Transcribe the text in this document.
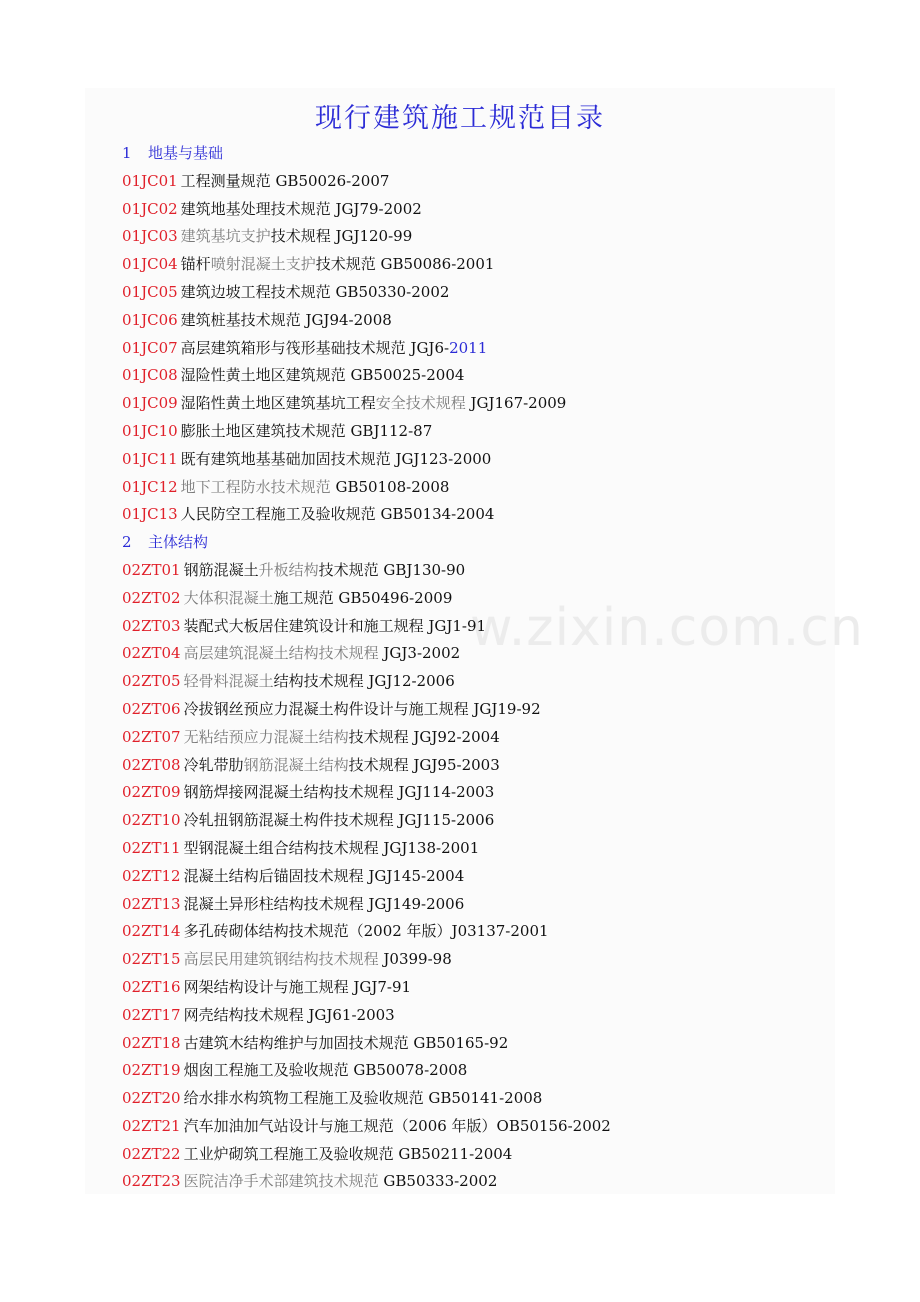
w.zixin.com.cn
现行建筑施工规范目录
1 地基与基础
01JC01 工程测量规范 GB50026-2007
01JC02 建筑地基处理技术规范 JGJ79-2002
01JC03 建筑基坑支护技术规程 JGJ120-99
01JC04 锚杆喷射混凝土支护技术规范 GB50086-2001
01JC05 建筑边坡工程技术规范 GB50330-2002
01JC06 建筑桩基技术规范 JGJ94-2008
01JC07 高层建筑箱形与筏形基础技术规范 JGJ6-2011
01JC08 湿险性黄土地区建筑规范 GB50025-2004
01JC09 湿陷性黄土地区建筑基坑工程安全技术规程 JGJ167-2009
01JC10 膨胀土地区建筑技术规范 GBJ112-87
01JC11 既有建筑地基基础加固技术规范 JGJ123-2000
01JC12 地下工程防水技术规范 GB50108-2008
01JC13 人民防空工程施工及验收规范 GB50134-2004
2 主体结构
02ZT01 钢筋混凝土升板结构技术规范 GBJ130-90
02ZT02 大体积混凝土施工规范 GB50496-2009
02ZT03 装配式大板居住建筑设计和施工规程 JGJ1-91
02ZT04 高层建筑混凝土结构技术规程 JGJ3-2002
02ZT05 轻骨料混凝土结构技术规程 JGJ12-2006
02ZT06 冷拔钢丝预应力混凝土构件设计与施工规程 JGJ19-92
02ZT07 无粘结预应力混凝土结构技术规程 JGJ92-2004
02ZT08 冷轧带肋钢筋混凝土结构技术规程 JGJ95-2003
02ZT09 钢筋焊接网混凝土结构技术规程 JGJ114-2003
02ZT10 冷轧扭钢筋混凝土构件技术规程 JGJ115-2006
02ZT11 型钢混凝土组合结构技术规程 JGJ138-2001
02ZT12 混凝土结构后锚固技术规程 JGJ145-2004
02ZT13 混凝土异形柱结构技术规程 JGJ149-2006
02ZT14 多孔砖砌体结构技术规范（2002 年版）J03137-2001
02ZT15 高层民用建筑钢结构技术规程 J0399-98
02ZT16 网架结构设计与施工规程 JGJ7-91
02ZT17 网壳结构技术规程 JGJ61-2003
02ZT18 古建筑木结构维护与加固技术规范 GB50165-92
02ZT19 烟囱工程施工及验收规范 GB50078-2008
02ZT20 给水排水构筑物工程施工及验收规范 GB50141-2008
02ZT21 汽车加油加气站设计与施工规范（2006 年版）OB50156-2002
02ZT22 工业炉砌筑工程施工及验收规范 GB50211-2004
02ZT23 医院洁净手术部建筑技术规范 GB50333-2002
